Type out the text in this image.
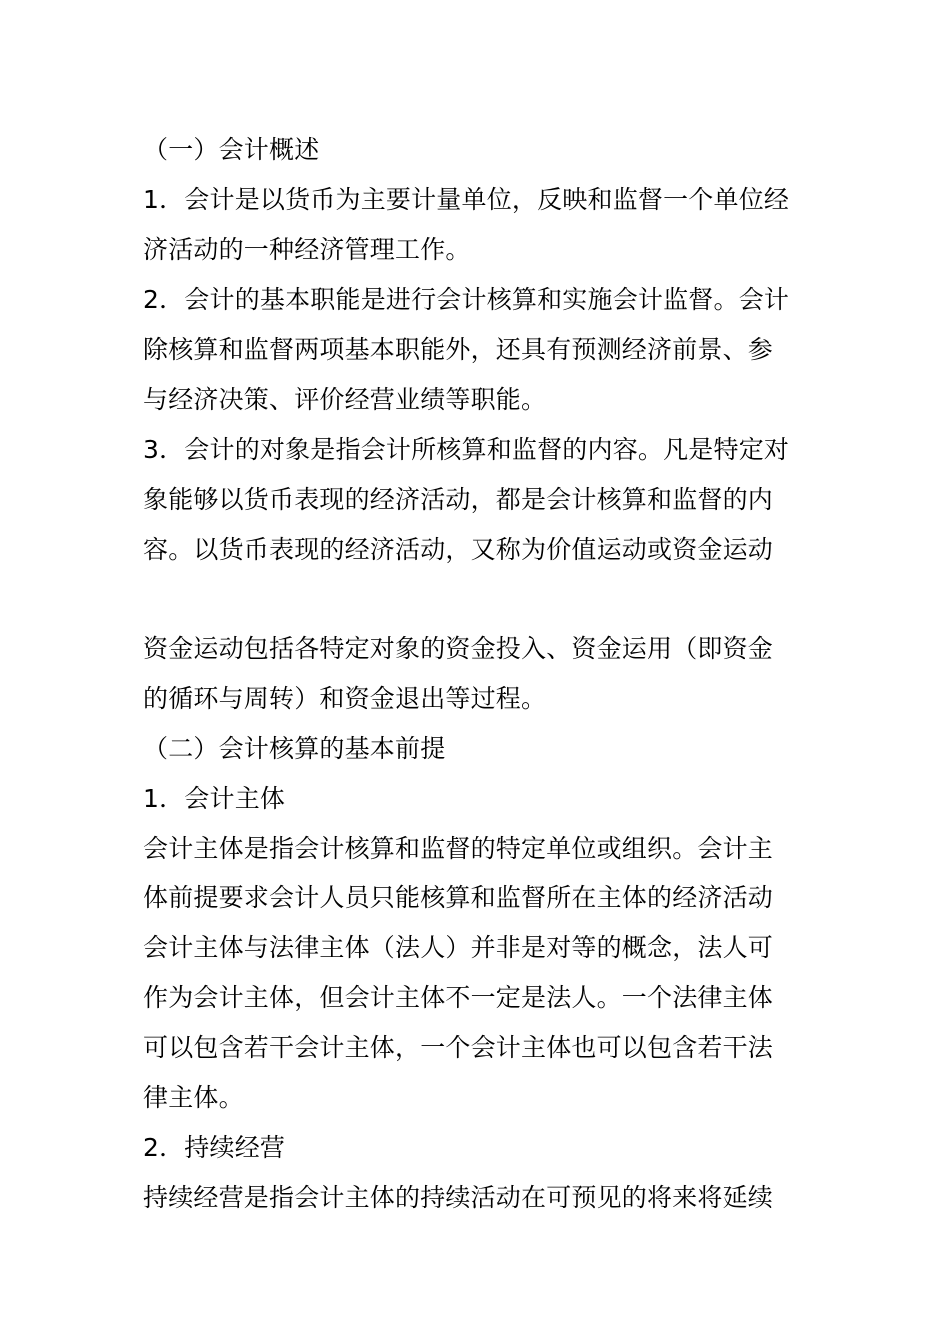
（一）会计概述
1．会计是以货币为主要计量单位，反映和监督一个单位经
济活动的一种经济管理工作。
2．会计的基本职能是进行会计核算和实施会计监督。会计
除核算和监督两项基本职能外，还具有预测经济前景、参
与经济决策、评价经营业绩等职能。
3．会计的对象是指会计所核算和监督的内容。凡是特定对
象能够以货币表现的经济活动，都是会计核算和监督的内
容。以货币表现的经济活动，又称为价值运动或资金运动
资金运动包括各特定对象的资金投入、资金运用（即资金
的循环与周转）和资金退出等过程。
（二）会计核算的基本前提
1．会计主体
会计主体是指会计核算和监督的特定单位或组织。会计主
体前提要求会计人员只能核算和监督所在主体的经济活动
会计主体与法律主体（法人）并非是对等的概念，法人可
作为会计主体，但会计主体不一定是法人。一个法律主体
可以包含若干会计主体，一个会计主体也可以包含若干法
律主体。
2．持续经营
持续经营是指会计主体的持续活动在可预见的将来将延续
